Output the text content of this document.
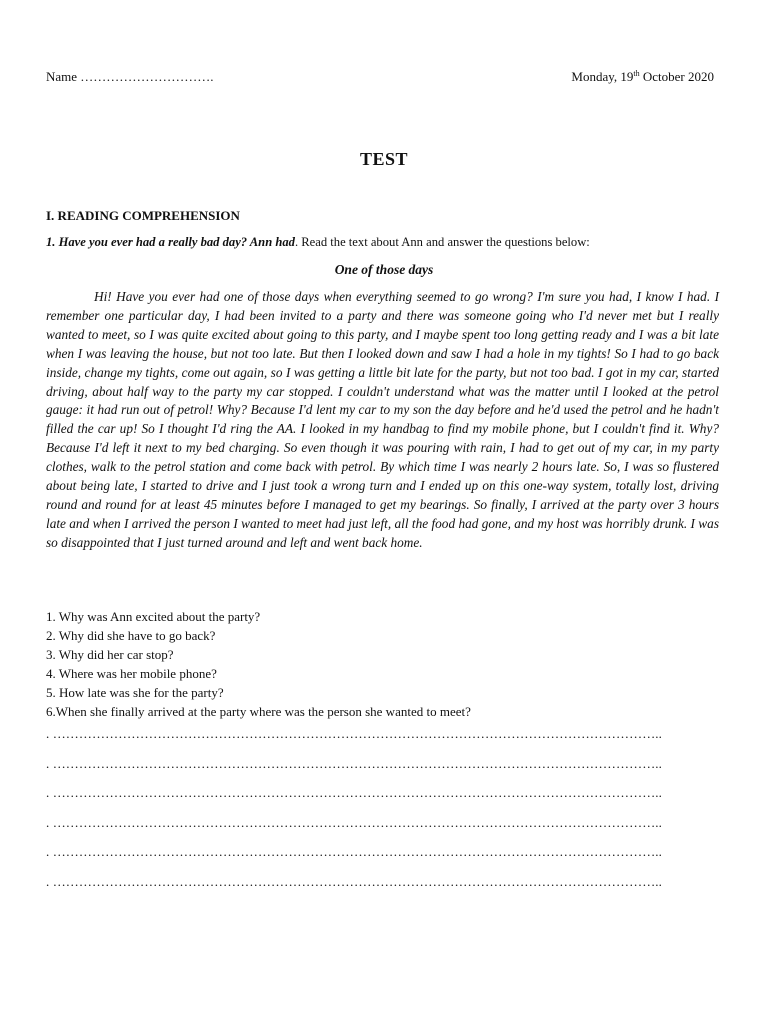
Name ………………………….	Monday, 19th October 2020
TEST
I. READING COMPREHENSION
1. Have you ever had a really bad day? Ann had. Read the text about Ann and answer the questions below:
One of those days

Hi! Have you ever had one of those days when everything seemed to go wrong? I'm sure you had, I know I had. I remember one particular day, I had been invited to a party and there was someone going who I'd never met but I really wanted to meet, so I was quite excited about going to this party, and I maybe spent too long getting ready and I was a bit late when I was leaving the house, but not too late. But then I looked down and saw I had a hole in my tights! So I had to go back inside, change my tights, come out again, so I was getting a little bit late for the party, but not too bad. I got in my car, started driving, about half way to the party my car stopped. I couldn't understand what was the matter until I looked at the petrol gauge: it had run out of petrol! Why? Because I'd lent my car to my son the day before and he'd used the petrol and he hadn't filled the car up! So I thought I'd ring the AA. I looked in my handbag to find my mobile phone, but I couldn't find it. Why? Because I'd left it next to my bed charging. So even though it was pouring with rain, I had to get out of my car, in my party clothes, walk to the petrol station and come back with petrol. By which time I was nearly 2 hours late. So, I was so flustered about being late, I started to drive and I just took a wrong turn and I ended up on this one-way system, totally lost, driving round and round for at least 45 minutes before I managed to get my bearings. So finally, I arrived at the party over 3 hours late and when I arrived the person I wanted to meet had just left, all the food had gone, and my host was horribly drunk. I was so disappointed that I just turned around and left and went back home.

1. Why was Ann excited about the party?
2. Why did she have to go back?
3. Why did her car stop?
4. Where was her mobile phone?
5. How late was she for the party?
6.When she finally arrived at the party where was the person she wanted to meet?
. …………………………………………………………………………………………………………………………..
. …………………………………………………………………………………………………………………………..
. …………………………………………………………………………………………………………………………..
. …………………………………………………………………………………………………………………………..
. …………………………………………………………………………………………………………………………..
. …………………………………………………………………………………………………………………………..
